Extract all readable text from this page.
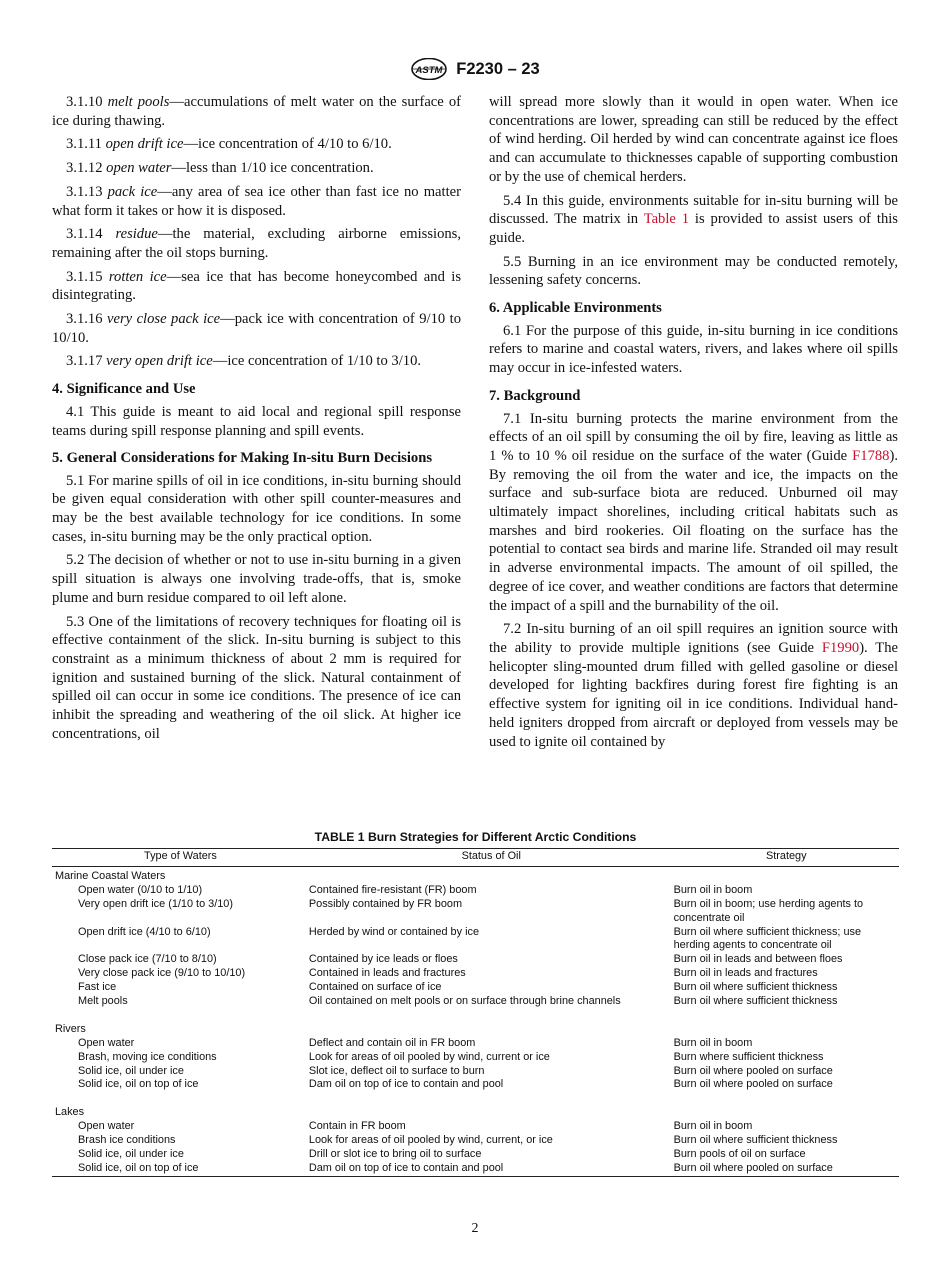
ASTM F2230 – 23

3.1.10 melt pools—accumulations of melt water on the surface of ice during thawing.

3.1.11 open drift ice—ice concentration of 4/10 to 6/10.

3.1.12 open water—less than 1/10 ice concentration.

3.1.13 pack ice—any area of sea ice other than fast ice no matter what form it takes or how it is disposed.

3.1.14 residue—the material, excluding airborne emissions, remaining after the oil stops burning.

3.1.15 rotten ice—sea ice that has become honeycombed and is disintegrating.

3.1.16 very close pack ice—pack ice with concentration of 9/10 to 10/10.

3.1.17 very open drift ice—ice concentration of 1/10 to 3/10.

4. Significance and Use

4.1 This guide is meant to aid local and regional spill response teams during spill response planning and spill events.

5. General Considerations for Making In-situ Burn Decisions

5.1 For marine spills of oil in ice conditions, in-situ burning should be given equal consideration with other spill counter-measures and may be the best available technology for ice conditions. In some cases, in-situ burning may be the only practical option.

5.2 The decision of whether or not to use in-situ burning in a given spill situation is always one involving trade-offs, that is, smoke plume and burn residue compared to oil left alone.

5.3 One of the limitations of recovery techniques for floating oil is effective containment of the slick. In-situ burning is subject to this constraint as a minimum thickness of about 2 mm is required for ignition and sustained burning of the slick. Natural containment of spilled oil can occur in some ice conditions. The presence of ice can inhibit the spreading and weathering of the oil slick. At higher ice concentrations, oil

will spread more slowly than it would in open water. When ice concentrations are lower, spreading can still be reduced by the effect of wind herding. Oil herded by wind can concentrate against ice floes and can accumulate to thicknesses capable of supporting combustion or by the use of chemical herders.

5.4 In this guide, environments suitable for in-situ burning will be discussed. The matrix in Table 1 is provided to assist users of this guide.

5.5 Burning in an ice environment may be conducted remotely, lessening safety concerns.

6. Applicable Environments

6.1 For the purpose of this guide, in-situ burning in ice conditions refers to marine and coastal waters, rivers, and lakes where oil spills may occur in ice-infested waters.

7. Background

7.1 In-situ burning protects the marine environment from the effects of an oil spill by consuming the oil by fire, leaving as little as 1 % to 10 % oil residue on the surface of the water (Guide F1788). By removing the oil from the water and ice, the impacts on the surface and sub-surface biota are reduced. Unburned oil may ultimately impact shorelines, including critical habitats such as marshes and bird rookeries. Oil floating on the surface has the potential to contact sea birds and marine life. Stranded oil may result in adverse environmental impacts. The amount of oil spilled, the degree of ice cover, and weather conditions are factors that determine the impact of a spill and the burnability of the oil.

7.2 In-situ burning of an oil spill requires an ignition source with the ability to provide multiple ignitions (see Guide F1990). The helicopter sling-mounted drum filled with gelled gasoline or diesel developed for lighting backfires during forest fire fighting is an effective system for igniting oil in ice conditions. Individual hand-held igniters dropped from aircraft or deployed from vessels may be used to ignite oil contained by

TABLE 1 Burn Strategies for Different Arctic Conditions
Type of Waters	Status of Oil	Strategy
Marine Coastal Waters		
Open water (0/10 to 1/10)	Contained fire-resistant (FR) boom	Burn oil in boom
Very open drift ice (1/10 to 3/10)	Possibly contained by FR boom	Burn oil in boom; use herding agents to concentrate oil
Open drift ice (4/10 to 6/10)	Herded by wind or contained by ice	Burn oil where sufficient thickness; use herding agents to concentrate oil
Close pack ice (7/10 to 8/10)	Contained by ice leads or floes	Burn oil in leads and between floes
Very close pack ice (9/10 to 10/10)	Contained in leads and fractures	Burn oil in leads and fractures
Fast ice	Contained on surface of ice	Burn oil where sufficient thickness
Melt pools	Oil contained on melt pools or on surface through brine channels	Burn oil where sufficient thickness

Rivers		
Open water	Deflect and contain oil in FR boom	Burn oil in boom
Brash, moving ice conditions	Look for areas of oil pooled by wind, current or ice	Burn where sufficient thickness
Solid ice, oil under ice	Slot ice, deflect oil to surface to burn	Burn oil where pooled on surface
Solid ice, oil on top of ice	Dam oil on top of ice to contain and pool	Burn oil where pooled on surface

Lakes		
Open water	Contain in FR boom	Burn oil in boom
Brash ice conditions	Look for areas of oil pooled by wind, current, or ice	Burn oil where sufficient thickness
Solid ice, oil under ice	Drill or slot ice to bring oil to surface	Burn pools of oil on surface
Solid ice, oil on top of ice	Dam oil on top of ice to contain and pool	Burn oil where pooled on surface
2
